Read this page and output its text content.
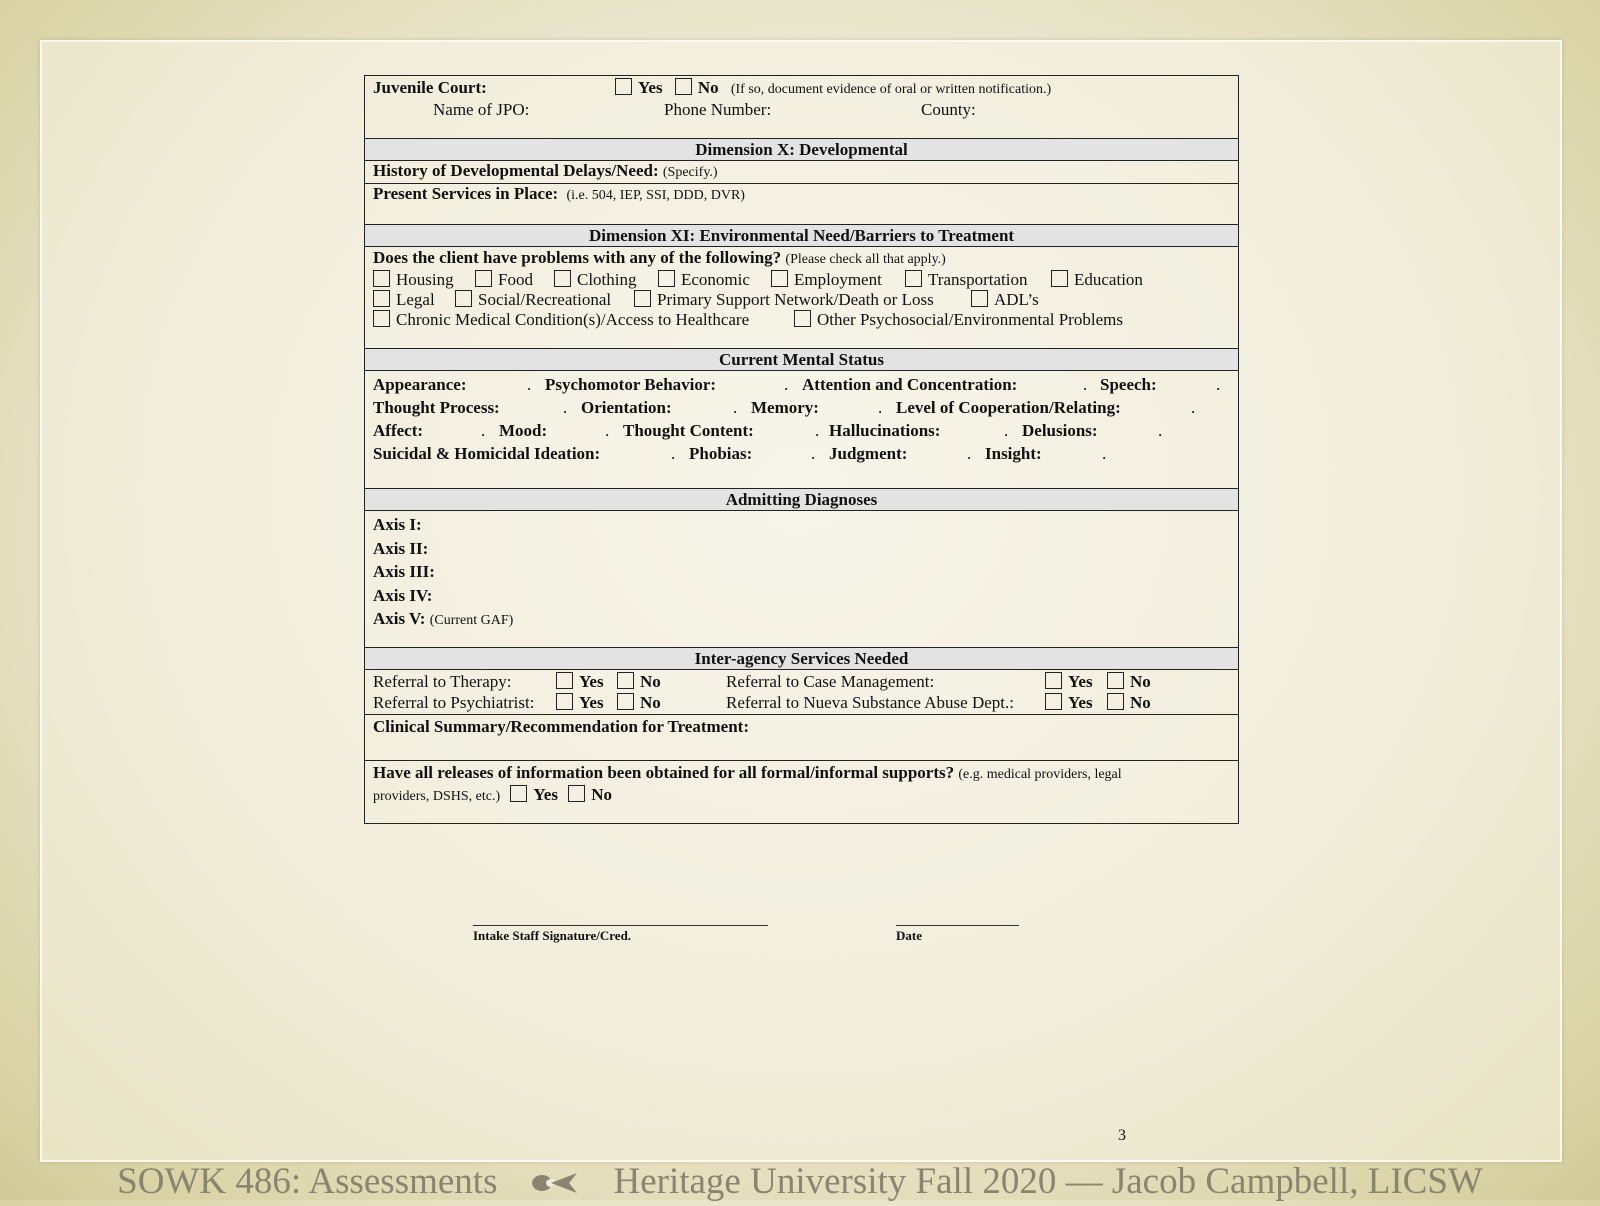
Juvenile Court:	Yes No (If so, document evidence of oral or written notification.)
Name of JPO:	Phone Number:	County:
Dimension X: Developmental
History of Developmental Delays/Need: (Specify.)
Present Services in Place: (i.e. 504, IEP, SSI, DDD, DVR)
Dimension XI: Environmental Need/Barriers to Treatment
Does the client have problems with any of the following? (Please check all that apply.)
Housing	Food	Clothing	Economic	Employment	Transportation	Education
Legal	Social/Recreational	Primary Support Network/Death or Loss	ADL’s
Chronic Medical Condition(s)/Access to Healthcare	Other Psychosocial/Environmental Problems
Current Mental Status
Appearance:	. Psychomotor Behavior:	. Attention and Concentration:	. Speech:	.
Thought Process:	. Orientation:	. Memory:	. Level of Cooperation/Relating:	.
Affect:	. Mood:	. Thought Content:	. Hallucinations:	. Delusions:	.
Suicidal & Homicidal Ideation:	. Phobias:	. Judgment:	. Insight:	.
Admitting Diagnoses
Axis I:
Axis II:
Axis III:
Axis IV:
Axis V: (Current GAF)
Inter-agency Services Needed
Referral to Therapy:	Yes No	Referral to Case Management:	Yes No
Referral to Psychiatrist:	Yes No	Referral to Nueva Substance Abuse Dept.:	Yes No
Clinical Summary/Recommendation for Treatment:
Have all releases of information been obtained for all formal/informal supports? (e.g. medical providers, legal
providers, DSHS, etc.) Yes No
Intake Staff Signature/Cred.	Date
3
SOWK 486: Assessments	Heritage University Fall 2020 — Jacob Campbell, LICSW
